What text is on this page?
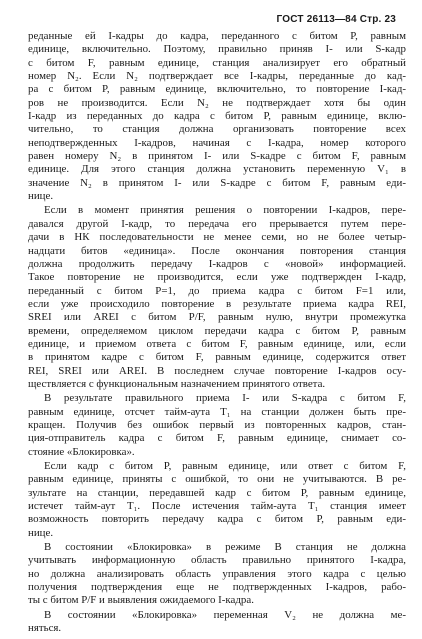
ГОСТ 26113—84 Стр. 23
реданные ей I-кадры до кадра, переданного с битом P, равным
единице, включительно. Поэтому, правильно приняв I- или S-кадр
с битом F, равным единице, станция анализирует его обратный
номер N₂. Если N₂ подтверждает все I-кадры, переданные до кад-
ра с битом P, равным единице, включительно, то повторение I-кад-
ров не производится. Если N₂ не подтверждает хотя бы один
I-кадр из переданных до кадра с битом P, равным единице, вклю-
чительно, то станция должна организовать повторение всех
неподтвержденных I-кадров, начиная с I-кадра, номер которого
равен номеру N₂ в принятом I- или S-кадре с битом F, равным
единице. Для этого станция должна установить переменную V₁ в
значение N₂ в принятом I- или S-кадре с битом F, равным еди-
нице.
Если в момент принятия решения о повторении I-кадров, пере-
давался другой I-кадр, то передача его прерывается путем пере-
дачи в НК последовательности не менее семи, но не более четыр-
надцати битов «единица». После окончания повторения станция
должна продолжить передачу I-кадров с «новой» информацией.
Такое повторение не производится, если уже подтвержден I-кадр,
переданный с битом P=1, до приема кадра с битом F=1 или,
если уже происходило повторение в результате приема кадра REI,
SREI или AREI с битом P/F, равным нулю, внутри промежутка
времени, определяемом циклом передачи кадра с битом P, равным
единице, и приемом ответа с битом F, равным единице, или, если
в принятом кадре с битом F, равным единице, содержится ответ
REI, SREI или AREI. В последнем случае повторение I-кадров осу-
ществляется с функциональным назначением принятого ответа.
В результате правильного приема I- или S-кадра с битом F,
равным единице, отсчет тайм-аута T₁ на станции должен быть пре-
кращен. Получив без ошибок первый из повторенных кадров, стан-
ция-отправитель кадра с битом F, равным единице, снимает со-
стояние «Блокировка».
Если кадр с битом P, равным единице, или ответ с битом F,
равным единице, приняты с ошибкой, то они не учитываются. В ре-
зультате на станции, передавшей кадр с битом P, равным единице,
истечет тайм-аут T₁. После истечения тайм-аута T₁ станция имеет
возможность повторить передачу кадра с битом P, равным еди-
нице.
В состоянии «Блокировка» в режиме B станция не должна
учитывать информационную область правильно принятого I-кадра,
но должна анализировать область управления этого кадра с целью
получения подтверждения еще не подтвержденных I-кадров, рабо-
ты с битом P/F и выявления ожидаемого I-кадра.
В состоянии «Блокировка» переменная V₂ не должна ме-
няться.
